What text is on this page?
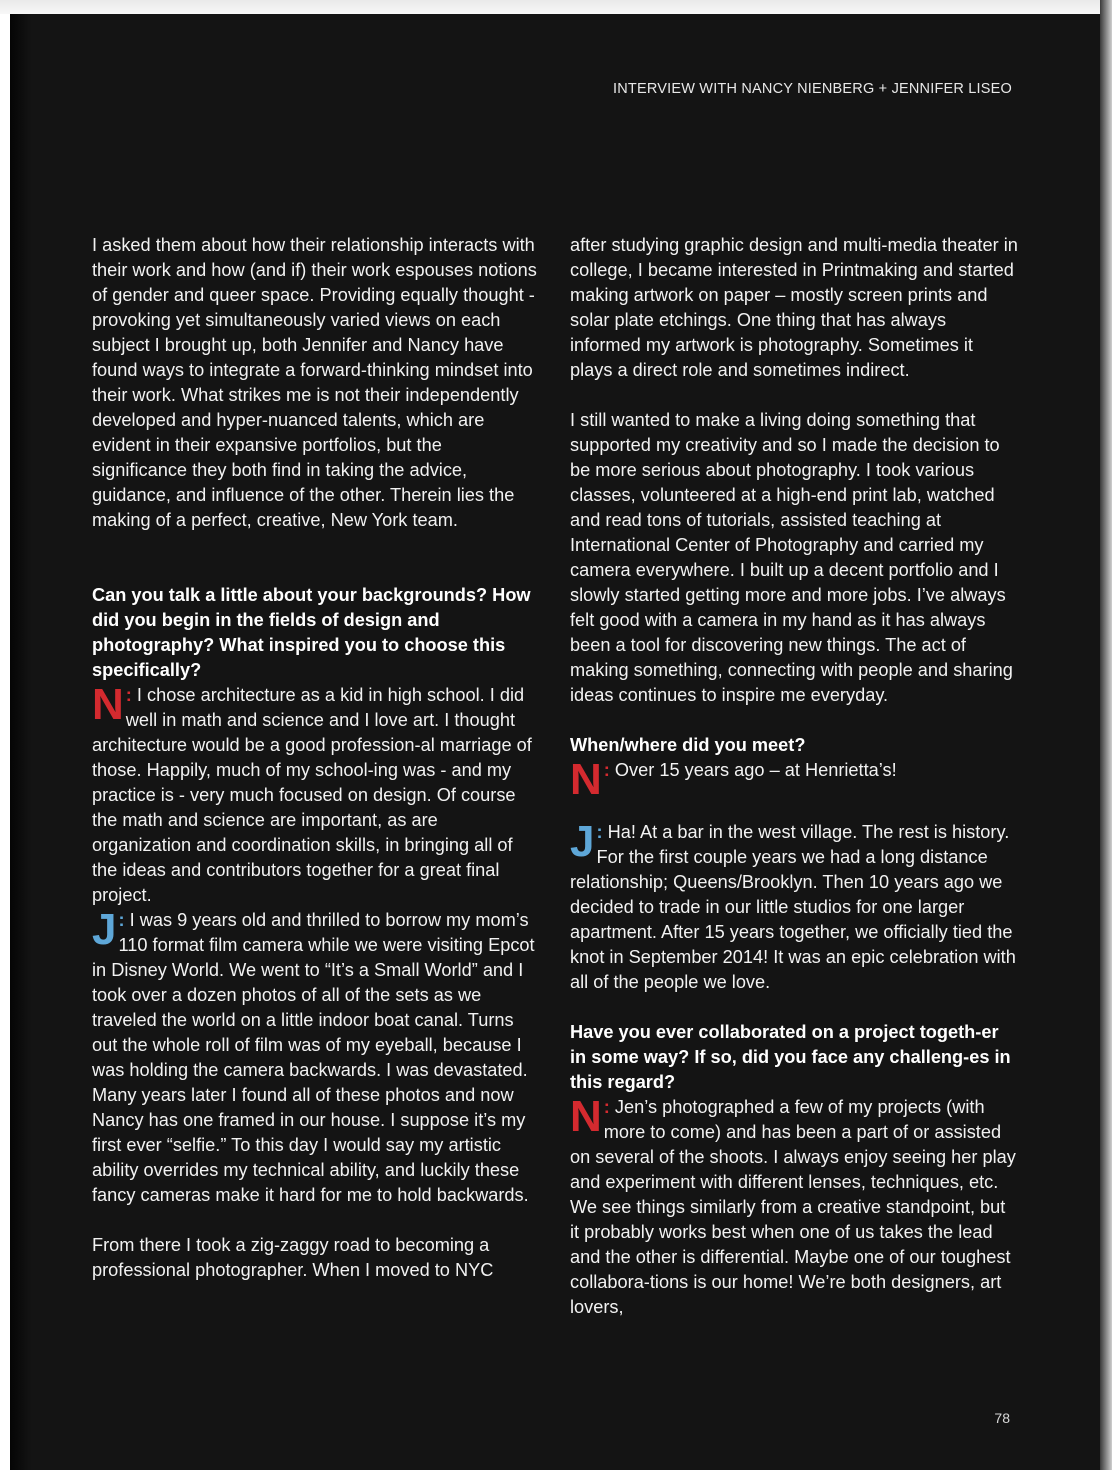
INTERVIEW WITH NANCY NIENBERG + JENNIFER LISEO

I asked them about how their relationship interacts with their work and how (and if) their work espouses notions of gender and queer space. Providing equally thought - provoking yet simultaneously varied views on each subject I brought up, both Jennifer and Nancy have found ways to integrate a forward-thinking mindset into their work. What strikes me is not their independently developed and hyper-nuanced talents, which are evident in their expansive portfolios, but the significance they both find in taking the advice, guidance, and influence of the other. Therein lies the making of a perfect, creative, New York team.

Can you talk a little about your backgrounds? How did you begin in the fields of design and photography? What inspired you to choose this specifically?

N : I chose architecture as a kid in high school. I did well in math and science and I love art. I thought architecture would be a good profession-al marriage of those. Happily, much of my school-ing was - and my practice is - very much focused on design. Of course the math and science are important, as are organization and coordination skills, in bringing all of the ideas and contributors together for a great final project.

J : I was 9 years old and thrilled to borrow my mom’s 110 format film camera while we were visiting Epcot in Disney World. We went to “It’s a Small World” and I took over a dozen photos of all of the sets as we traveled the world on a little indoor boat canal. Turns out the whole roll of film was of my eyeball, because I was holding the camera backwards. I was devastated. Many years later I found all of these photos and now Nancy has one framed in our house. I suppose it’s my first ever “selfie.” To this day I would say my artistic ability overrides my technical ability, and luckily these fancy cameras make it hard for me to hold backwards.

From there I took a zig-zaggy road to becoming a professional photographer. When I moved to NYC

after studying graphic design and multi-media theater in college, I became interested in Printmaking and started making artwork on paper – mostly screen prints and solar plate etchings. One thing that has always informed my artwork is photography. Sometimes it plays a direct role and sometimes indirect.

I still wanted to make a living doing something that supported my creativity and so I made the decision to be more serious about photography. I took various classes, volunteered at a high-end print lab, watched and read tons of tutorials, assisted teaching at International Center of Photography and carried my camera everywhere. I built up a decent portfolio and I slowly started getting more and more jobs. I’ve always felt good with a camera in my hand as it has always been a tool for discovering new things. The act of making something, connecting with people and sharing ideas continues to inspire me everyday.

When/where did you meet?

N : Over 15 years ago – at Henrietta’s!

J : Ha! At a bar in the west village. The rest is history. For the first couple years we had a long distance relationship; Queens/Brooklyn. Then 10 years ago we decided to trade in our little studios for one larger apartment. After 15 years together, we officially tied the knot in September 2014! It was an epic celebration with all of the people we love.

Have you ever collaborated on a project togeth-er in some way? If so, did you face any challeng-es in this regard?

N : Jen’s photographed a few of my projects (with more to come) and has been a part of or assisted on several of the shoots. I always enjoy seeing her play and experiment with different lenses, techniques, etc. We see things similarly from a creative standpoint, but it probably works best when one of us takes the lead and the other is differential. Maybe one of our toughest collabora-tions is our home! We’re both designers, art lovers,

78
